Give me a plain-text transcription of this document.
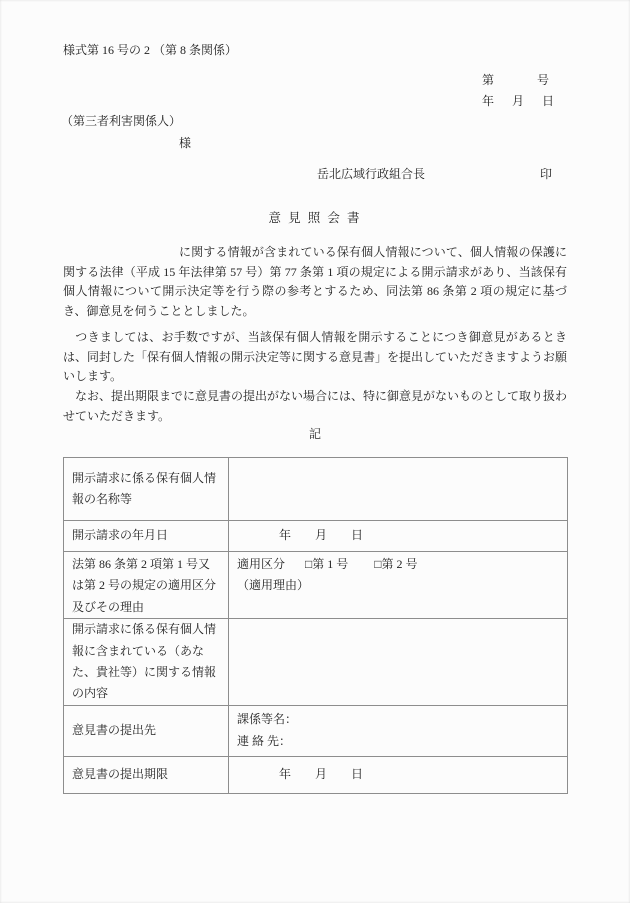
様式第 16 号の 2 （第 8 条関係）
第	号
年　月　日
（第三者利害関係人）
様
岳北広域行政組合長	印
意 見 照 会 書

に関する情報が含まれている保有個人情報について、個人情報の保護に関する法律（平成 15 年法律第 57 号）第 77 条第 1 項の規定による開示請求があり、当該保有個人情報について開示決定等を行う際の参考とするため、同法第 86 条第 2 項の規定に基づき、御意見を伺うこととしました。

　つきましては、お手数ですが、当該保有個人情報を開示することにつき御意見があるときは、同封した「保有個人情報の開示決定等に関する意見書」を提出していただきますようお願いします。

　なお、提出期限までに意見書の提出がない場合には、特に御意見がないものとして取り扱わせていただきます。

記
開示請求に係る保有個人情報の名称等	
開示請求の年月日	年　　月　　日
法第 86 条第 2 項第 1 号又は第 2 号の規定の適用区分及びその理由	適用区分 □第 1 号 □第 2 号
（適用理由）

開示請求に係る保有個人情報に含まれている（あなた、貴社等）に関する情報の内容	
意見書の提出先	課係等名：
連 絡 先：

意見書の提出期限	年　　月　　日
